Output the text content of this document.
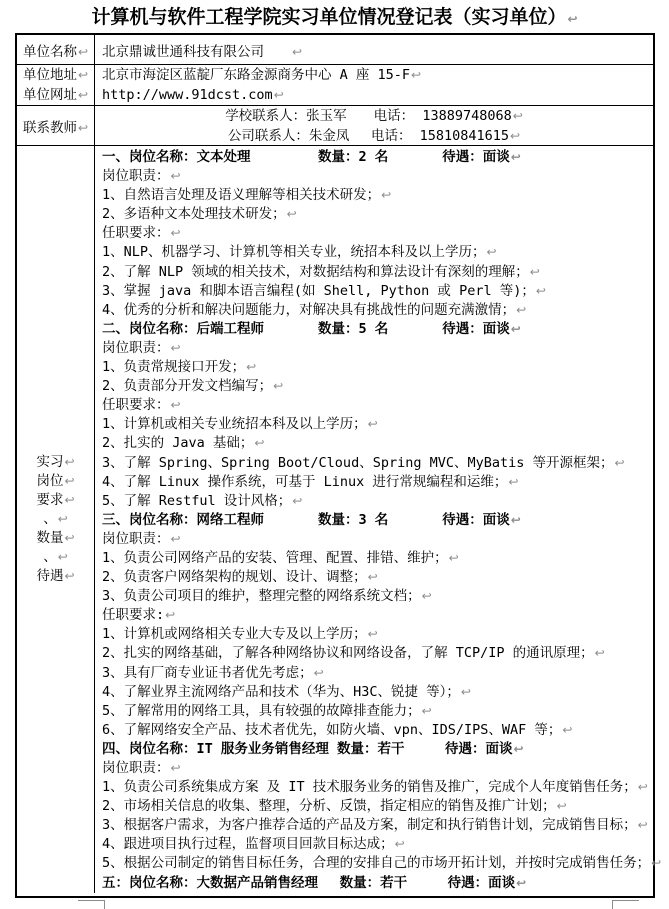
计算机与软件工程学院实习单位情况登记表（实习单位）↩
单位名称↩ 北京鼎诚世通科技有限公司　　↩
单位地址↩
单位网址↩
北京市海淀区蓝靛厂东路金源商务中心 A 座 15-F↩
http://www.91dcst.com↩
联系教师↩
学校联系人：张玉军　　电话： 13889748068↩
公司联系人：朱金凤　 电话： 15810841615↩
实习↩
岗位↩
要求↩
、↩
数量↩
、↩
待遇↩
一、岗位名称：文本处理　　　　　数量：2 名　　　　待遇：面谈↩
岗位职责：↩
1、自然语言处理及语义理解等相关技术研发；↩
2、多语种文本处理技术研发；↩
任职要求：↩
1、NLP、机器学习、计算机等相关专业，统招本科及以上学历；↩
2、了解 NLP 领域的相关技术，对数据结构和算法设计有深刻的理解；↩
3、掌握 java 和脚本语言编程(如 Shell, Python 或 Perl 等)；↩
4、优秀的分析和解决问题能力，对解决具有挑战性的问题充满激情；↩
二、岗位名称：后端工程师　　　　数量：5 名　　　　待遇：面谈↩
岗位职责：↩
1、负责常规接口开发；↩
2、负责部分开发文档编写；↩
任职要求：↩
1、计算机或相关专业统招本科及以上学历；↩
2、扎实的 Java 基础；↩
3、了解 Spring、Spring Boot/Cloud、Spring MVC、MyBatis 等开源框架；↩
4、了解 Linux 操作系统，可基于 Linux 进行常规编程和运维；↩
5、了解 Restful 设计风格；↩
三、岗位名称：网络工程师　　　　数量：3 名　　　　待遇：面谈↩
岗位职责：↩
1、负责公司网络产品的安装、管理、配置、排错、维护；↩
2、负责客户网络架构的规划、设计、调整；↩
3、负责公司项目的维护，整理完整的网络系统文档；↩
任职要求:↩
1、计算机或网络相关专业大专及以上学历；↩
2、扎实的网络基础，了解各种网络协议和网络设备，了解 TCP/IP 的通讯原理；↩
3、具有厂商专业证书者优先考虑；↩
4、了解业界主流网络产品和技术（华为、H3C、锐捷 等）；↩
5、了解常用的网络工具，具有较强的故障排查能力；↩
6、了解网络安全产品、技术者优先，如防火墙、vpn、IDS/IPS、WAF 等；↩
四、岗位名称：IT 服务业务销售经理 数量：若干　　　待遇：面谈↩
岗位职责：↩
1、负责公司系统集成方案 及 IT 技术服务业务的销售及推广，完成个人年度销售任务；↩
2、市场相关信息的收集、整理，分析、反馈，指定相应的销售及推广计划；↩
3、根据客户需求，为客户推荐合适的产品及方案，制定和执行销售计划，完成销售目标；↩
4、跟进项目执行过程，监督项目回款目标达成；↩
5、根据公司制定的销售目标任务，合理的安排自己的市场开拓计划，并按时完成销售任务；↩
五：岗位名称：大数据产品销售经理　 数量：若干　　　待遇：面谈↩
